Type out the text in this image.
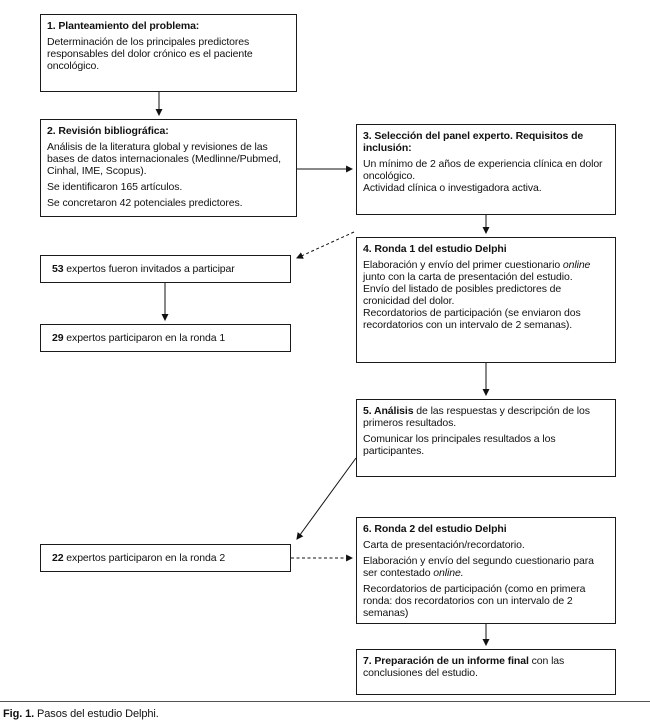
1. Planteamiento del problema:

Determinación de los principales predictores responsables del dolor crónico es el paciente oncológico.

2. Revisión bibliográfica:

Análisis de la literatura global y revisiones de las bases de datos internacionales (Medlinne/Pubmed, Cinhal, IME, Scopus).

Se identificaron 165 artículos.

Se concretaron 42 potenciales predictores.

3. Selección del panel experto. Requisitos de inclusión:

Un mínimo de 2 años de experiencia clínica en dolor oncológico.

Actividad clínica o investigadora activa.

53 expertos fueron invitados a participar

4. Ronda 1 del estudio Delphi

Elaboración y envío del primer cuestionario online junto con la carta de presentación del estudio.

Envío del listado de posibles predictores de cronicidad del dolor.

Recordatorios de participación (se enviaron dos recordatorios con un intervalo de 2 semanas).

29 expertos participaron en la ronda 1

5. Análisis de las respuestas y descripción de los primeros resultados.

Comunicar los principales resultados a los participantes.

6. Ronda 2 del estudio Delphi

Carta de presentación/recordatorio.

Elaboración y envío del segundo cuestionario para ser contestado online.

Recordatorios de participación (como en primera ronda: dos recordatorios con un intervalo de 2 semanas)

22 expertos participaron en la ronda 2

7. Preparación de un informe final con las conclusiones del estudio.

Fig. 1. Pasos del estudio Delphi.
